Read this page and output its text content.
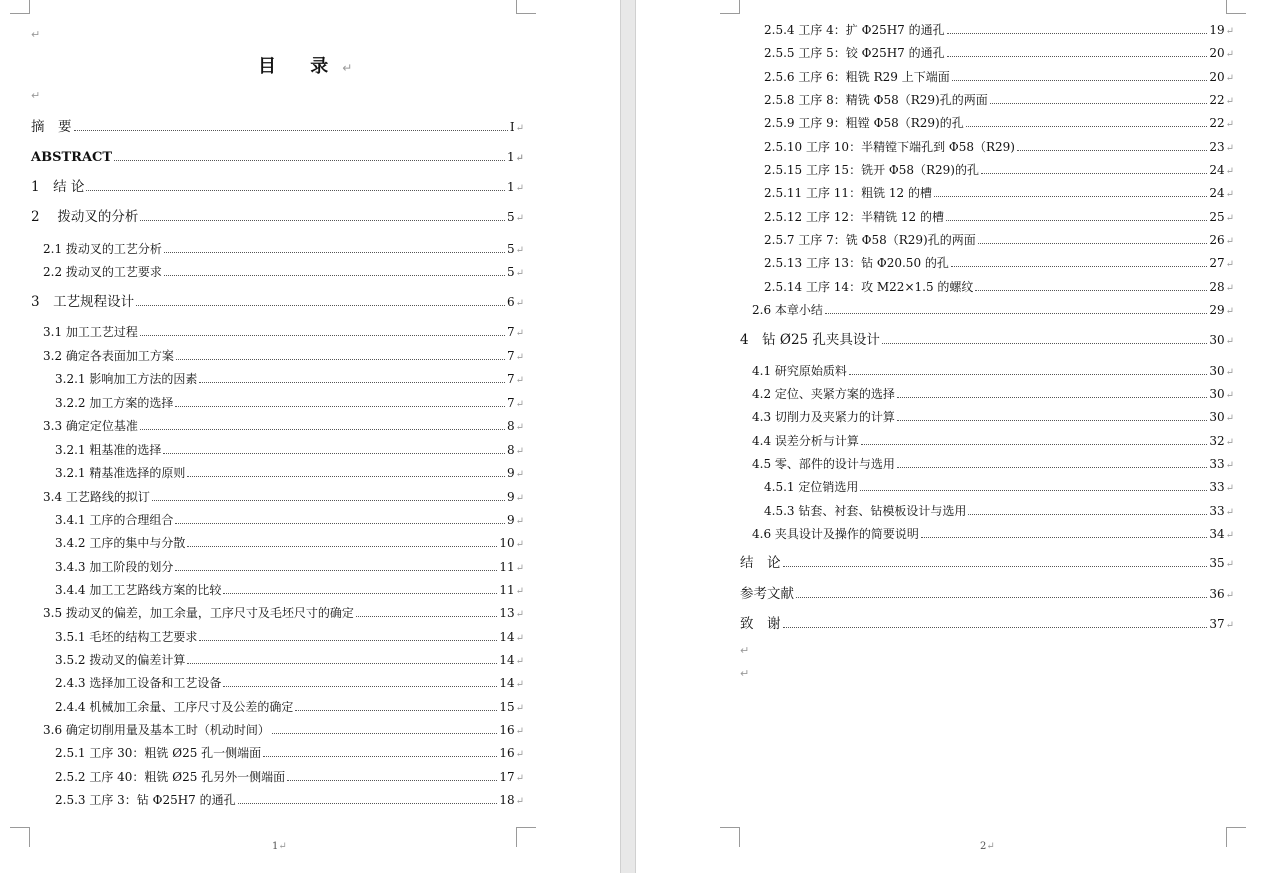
↵
目 录↵
↵
摘　要	I ↵
ABSTRACT	1 ↵
1　结 论	1 ↵
2　 拨动叉的分析	5 ↵
2.1 拨动叉的工艺分析	5 ↵
2.2 拨动叉的工艺要求	5 ↵
3　工艺规程设计	6 ↵
3.1 加工工艺过程	7 ↵
3.2 确定各表面加工方案	7 ↵
3.2.1 影响加工方法的因素	7 ↵
3.2.2 加工方案的选择	7 ↵
3.3 确定定位基准	8 ↵
3.2.1 粗基准的选择	8 ↵
3.2.1 精基准选择的原则	9 ↵
3.4 工艺路线的拟订	9 ↵
3.4.1 工序的合理组合	9 ↵
3.4.2 工序的集中与分散	10 ↵
3.4.3 加工阶段的划分	11 ↵
3.4.4 加工工艺路线方案的比较	11 ↵
3.5 拨动叉的偏差，加工余量，工序尺寸及毛坯尺寸的确定	13 ↵
3.5.1 毛坯的结构工艺要求	14 ↵
3.5.2 拨动叉的偏差计算	14 ↵
2.4.3 选择加工设备和工艺设备	14 ↵
2.4.4 机械加工余量、工序尺寸及公差的确定	15 ↵
3.6 确定切削用量及基本工时（机动时间）	16 ↵
2.5.1 工序 30：粗铣 Ø25 孔一侧端面	16 ↵
2.5.2 工序 40：粗铣 Ø25 孔另外一侧端面	17 ↵
2.5.3 工序 3：钻 Φ25H7 的通孔	18 ↵
1↵
2.5.4 工序 4：扩 Φ25H7 的通孔	19 ↵
2.5.5 工序 5：铰 Φ25H7 的通孔	20 ↵
2.5.6 工序 6：粗铣 R29 上下端面	20 ↵
2.5.8 工序 8：精铣 Φ58（R29)孔的两面	22 ↵
2.5.9 工序 9：粗镗 Φ58（R29)的孔	22 ↵
2.5.10 工序 10：半精镗下端孔到 Φ58（R29)	23 ↵
2.5.15 工序 15：铣开 Φ58（R29)的孔	24 ↵
2.5.11 工序 11：粗铣 12 的槽	24 ↵
2.5.12 工序 12：半精铣 12 的槽	25 ↵
2.5.7 工序 7：铣 Φ58（R29)孔的两面	26 ↵
2.5.13 工序 13：钻 Φ20.50 的孔	27 ↵
2.5.14 工序 14：攻 M22×1.5 的螺纹	28 ↵
2.6 本章小结	29 ↵
4　钻 Ø25 孔夹具设计	30 ↵
4.1 研究原始质料	30 ↵
4.2 定位、夹紧方案的选择	30 ↵
4.3 切削力及夹紧力的计算	30 ↵
4.4 误差分析与计算	32 ↵
4.5 零、部件的设计与选用	33 ↵
4.5.1 定位销选用	33 ↵
4.5.3 钻套、衬套、钻模板设计与选用	33 ↵
4.6 夹具设计及操作的简要说明	34 ↵
结　论	35 ↵
参考文献	36 ↵
致　谢	37 ↵
↵
↵
2↵
